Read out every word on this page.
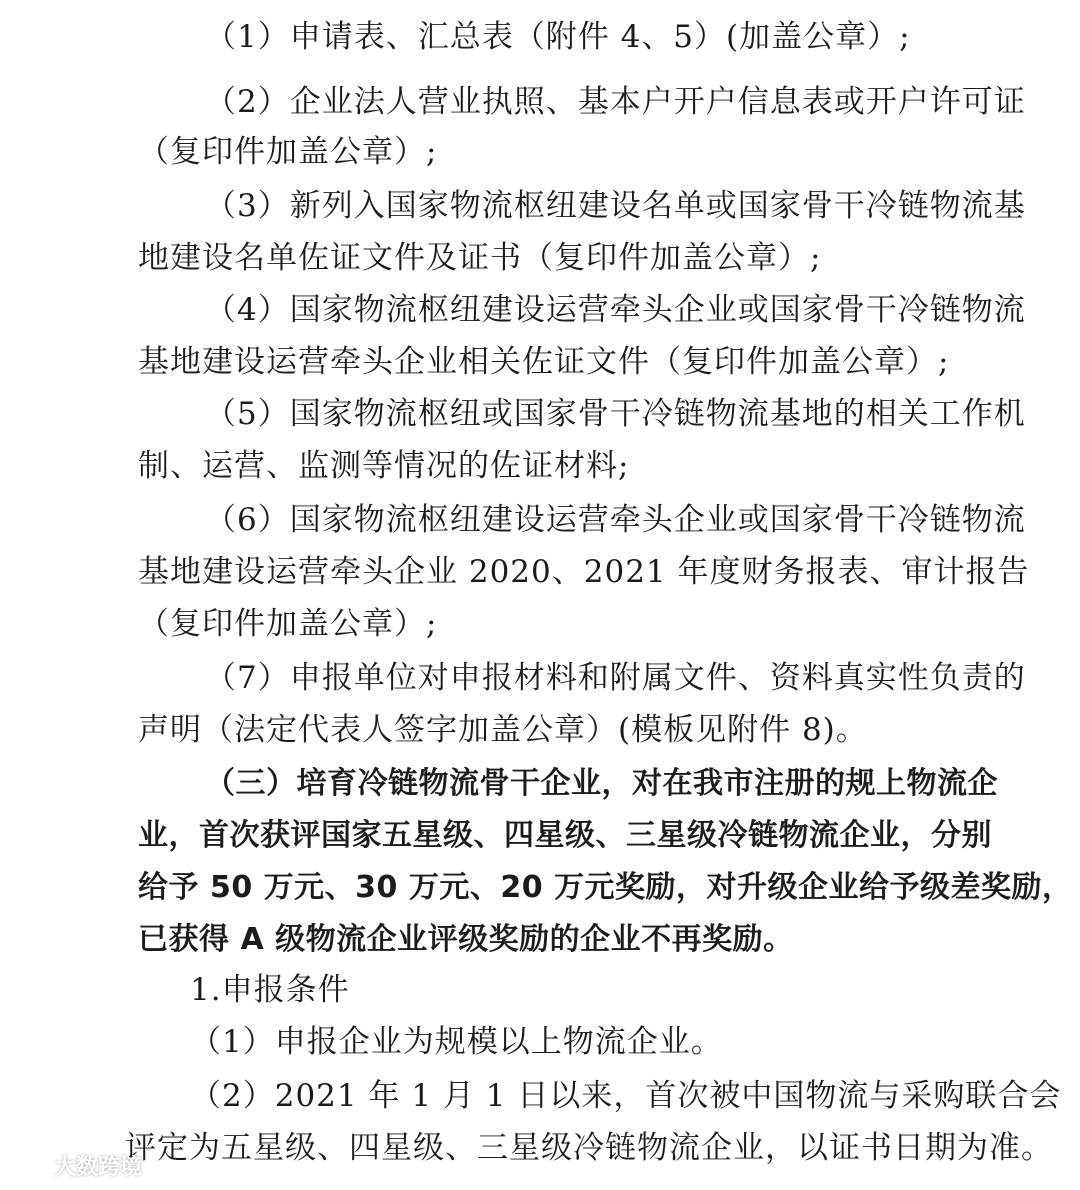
（1）申请表、汇总表（附件 4、5）(加盖公章）;
（2）企业法人营业执照、基本户开户信息表或开户许可证
（复印件加盖公章）;
（3）新列入国家物流枢纽建设名单或国家骨干冷链物流基
地建设名单佐证文件及证书（复印件加盖公章）;
（4）国家物流枢纽建设运营牵头企业或国家骨干冷链物流
基地建设运营牵头企业相关佐证文件（复印件加盖公章）;
（5）国家物流枢纽或国家骨干冷链物流基地的相关工作机
制、运营、监测等情况的佐证材料;
（6）国家物流枢纽建设运营牵头企业或国家骨干冷链物流
基地建设运营牵头企业 2020、2021 年度财务报表、审计报告
（复印件加盖公章）;
（7）申报单位对申报材料和附属文件、资料真实性负责的
声明（法定代表人签字加盖公章）(模板见附件 8)。
（三）培育冷链物流骨干企业，对在我市注册的规上物流企
业，首次获评国家五星级、四星级、三星级冷链物流企业，分别
给予 50 万元、30 万元、20 万元奖励，对升级企业给予级差奖励，
已获得 A 级物流企业评级奖励的企业不再奖励。
1.申报条件
（1）申报企业为规模以上物流企业。
（2）2021 年 1 月 1 日以来，首次被中国物流与采购联合会
评定为五星级、四星级、三星级冷链物流企业，以证书日期为准。
大数跨境
